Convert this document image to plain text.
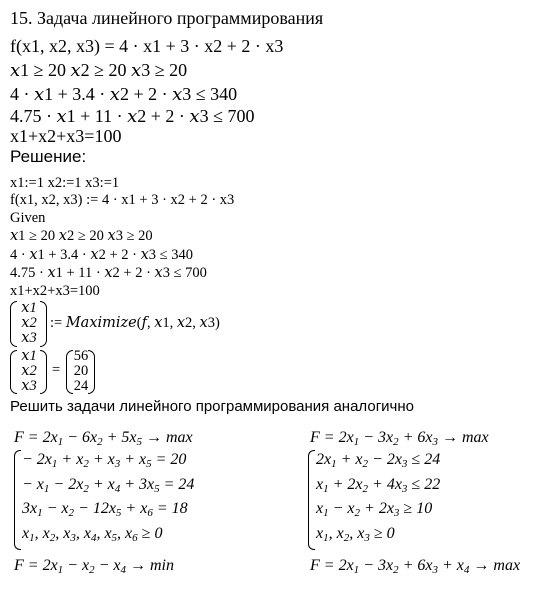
15. Задача линейного программирования
f(x1, x2, x3) = 4 · x1 + 3 · x2 + 2 · x3
𝑥1 ≥ 20 𝑥2 ≥ 20 𝑥3 ≥ 20
4 · 𝑥1 + 3.4 · 𝑥2 + 2 · 𝑥3 ≤ 340
4.75 · 𝑥1 + 11 · 𝑥2 + 2 · 𝑥3 ≤ 700
x1+x2+x3=100
Решение:
x1:=1 x2:=1 x3:=1
f(x1, x2, x3) := 4 · x1 + 3 · x2 + 2 · x3
Given
𝑥1 ≥ 20 𝑥2 ≥ 20 𝑥3 ≥ 20
4 · 𝑥1 + 3.4 · 𝑥2 + 2 · 𝑥3 ≤ 340
4.75 · 𝑥1 + 11 · 𝑥2 + 2 · 𝑥3 ≤ 700
x1+x2+x3=100
𝑥1
𝑥2
𝑥3
:= 𝑀𝑎𝑥𝑖𝑚𝑖𝑧𝑒(𝑓, 𝑥1, 𝑥2, 𝑥3)
𝑥1
𝑥2
𝑥3
=
56
20
24
Решить задачи линейного программирования аналогично
$F = 2x_1 - 6x_2 + 5x_5 \to \max$
− $2x_1 + x_2 + x_3 + x_5 = 20$
− $x_1 - 2x_2 + x_4 + 3x_5 = 24$
$3x_1 - x_2 - 12x_5 + x_6 = 18$
$x_1$, $x_2$, $x_3$, $x_4$, $x_5$, $x_6 \ge 0$
$F = 2x_1 - x_2 - x_4 \to \min$
$F = 2x_1 - 3x_2 + 6x_3 \to \max$
$2x_1 + x_2 - 2x_3 \le 24$
$x_1 + 2x_2 + 4x_3 \le 22$
$x_1 - x_2 + 2x_3 \ge 10$
$x_1$, $x_2$, $x_3 \ge 0$
$F = 2x_1 - 3x_2 + 6x_3 + x_4 \to \max$
